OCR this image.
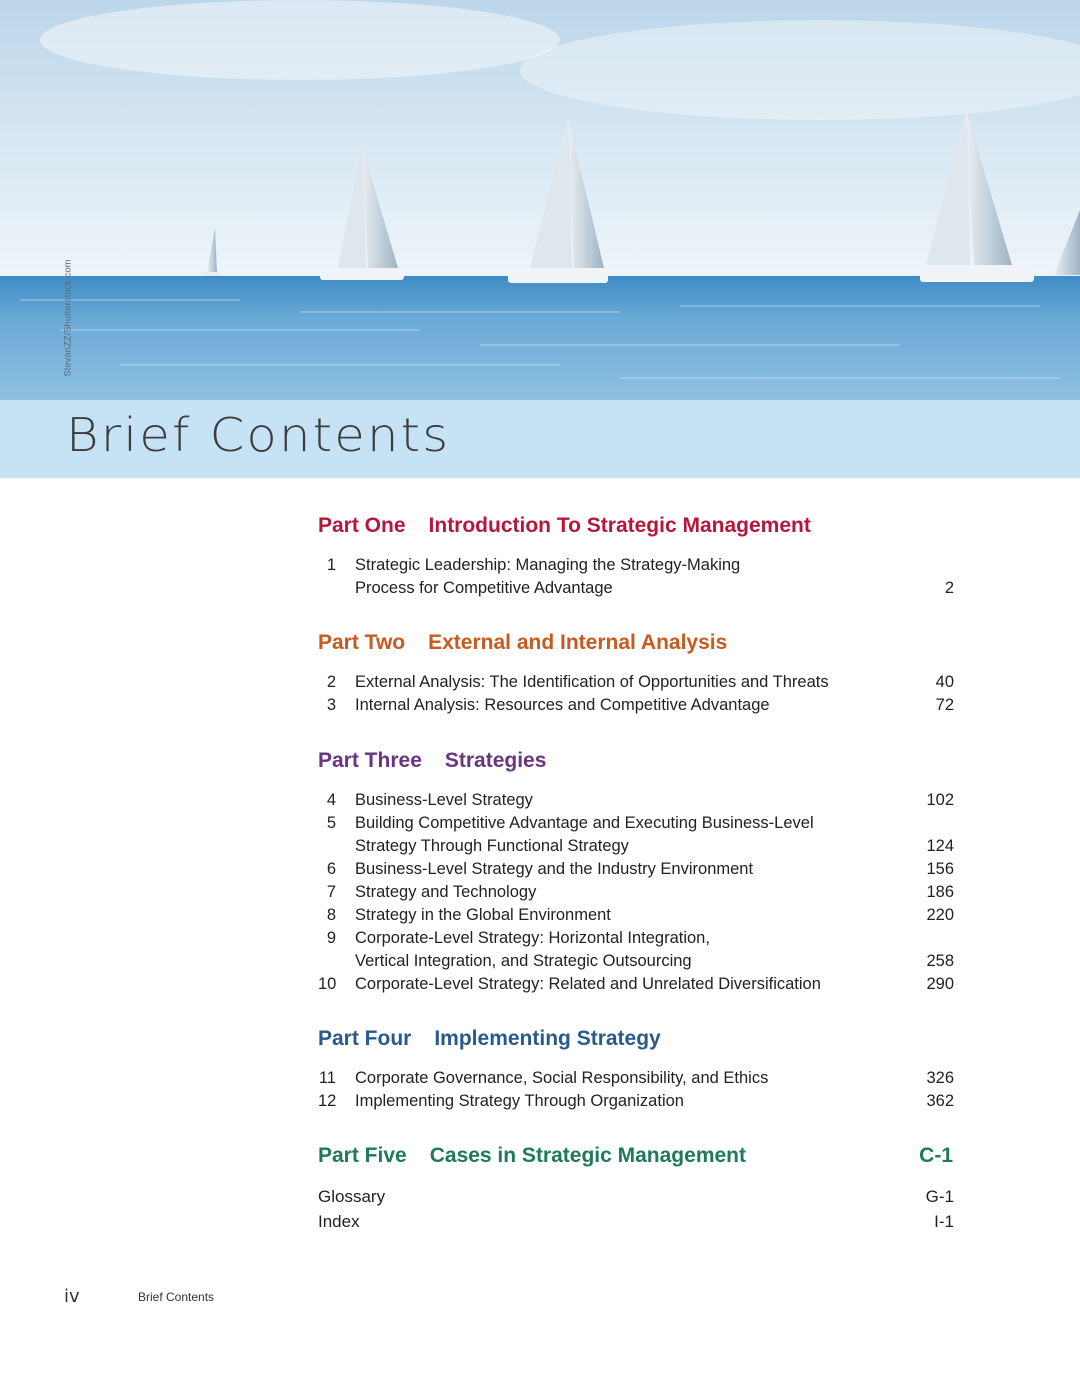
StevanZZ/Shutterstock.com
Brief Contents
Part One Introduction To Strategic Management
1 Strategic Leadership: Managing the Strategy-Making
Process for Competitive Advantage	2
Part Two External and Internal Analysis
2 External Analysis: The Identification of Opportunities and Threats	40
3 Internal Analysis: Resources and Competitive Advantage	72
Part Three Strategies
4 Business-Level Strategy	102
5 Building Competitive Advantage and Executing Business-Level
Strategy Through Functional Strategy	124
6 Business-Level Strategy and the Industry Environment	156
7 Strategy and Technology	186
8 Strategy in the Global Environment	220
9 Corporate-Level Strategy: Horizontal Integration,
Vertical Integration, and Strategic Outsourcing	258
10 Corporate-Level Strategy: Related and Unrelated Diversification	290
Part Four Implementing Strategy
11 Corporate Governance, Social Responsibility, and Ethics	326
12 Implementing Strategy Through Organization	362
Part Five Cases in Strategic Management	C-1
Glossary	G-1
Index	I-1
iv	Brief Contents
